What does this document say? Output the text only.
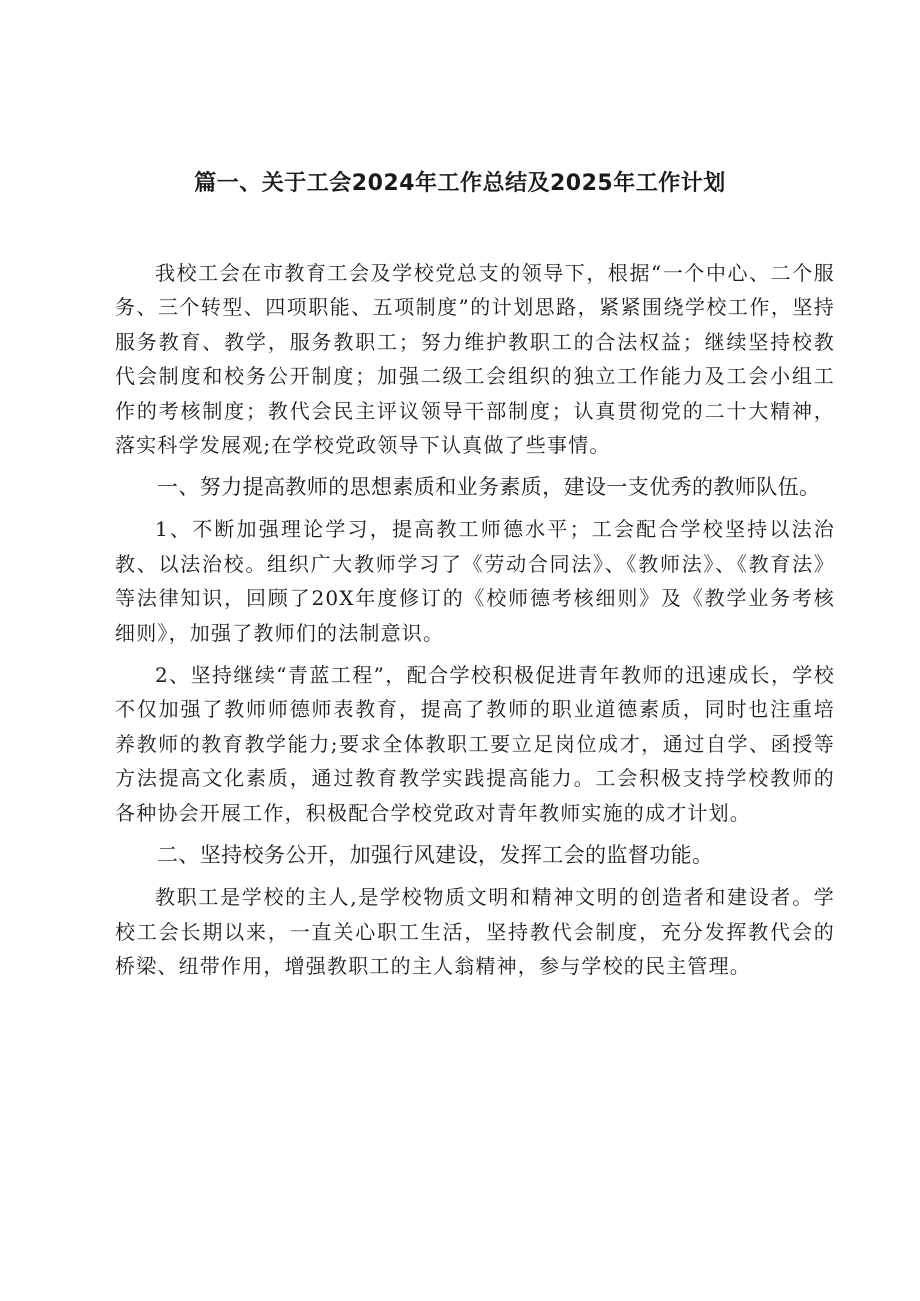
篇一、关于工会2024年工作总结及2025年工作计划

我校工会在市教育工会及学校党总支的领导下，根据“一个中心、二个服务、三个转型、四项职能、五项制度”的计划思路，紧紧围绕学校工作，坚持服务教育、教学，服务教职工；努力维护教职工的合法权益；继续坚持校教代会制度和校务公开制度；加强二级工会组织的独立工作能力及工会小组工作的考核制度；教代会民主评议领导干部制度；认真贯彻党的二十大精神，落实科学发展观;在学校党政领导下认真做了些事情。

一、努力提高教师的思想素质和业务素质，建设一支优秀的教师队伍。

1、不断加强理论学习，提高教工师德水平；工会配合学校坚持以法治教、以法治校。组织广大教师学习了《劳动合同法》、《教师法》、《教育法》等法律知识，回顾了20X年度修订的《校师德考核细则》及《教学业务考核细则》，加强了教师们的法制意识。

2、坚持继续“青蓝工程”，配合学校积极促进青年教师的迅速成长，学校不仅加强了教师师德师表教育，提高了教师的职业道德素质，同时也注重培养教师的教育教学能力;要求全体教职工要立足岗位成才，通过自学、函授等方法提高文化素质，通过教育教学实践提高能力。工会积极支持学校教师的各种协会开展工作，积极配合学校党政对青年教师实施的成才计划。

二、坚持校务公开，加强行风建设，发挥工会的监督功能。

教职工是学校的主人,是学校物质文明和精神文明的创造者和建设者。学校工会长期以来，一直关心职工生活，坚持教代会制度，充分发挥教代会的桥梁、纽带作用，增强教职工的主人翁精神，参与学校的民主管理。
